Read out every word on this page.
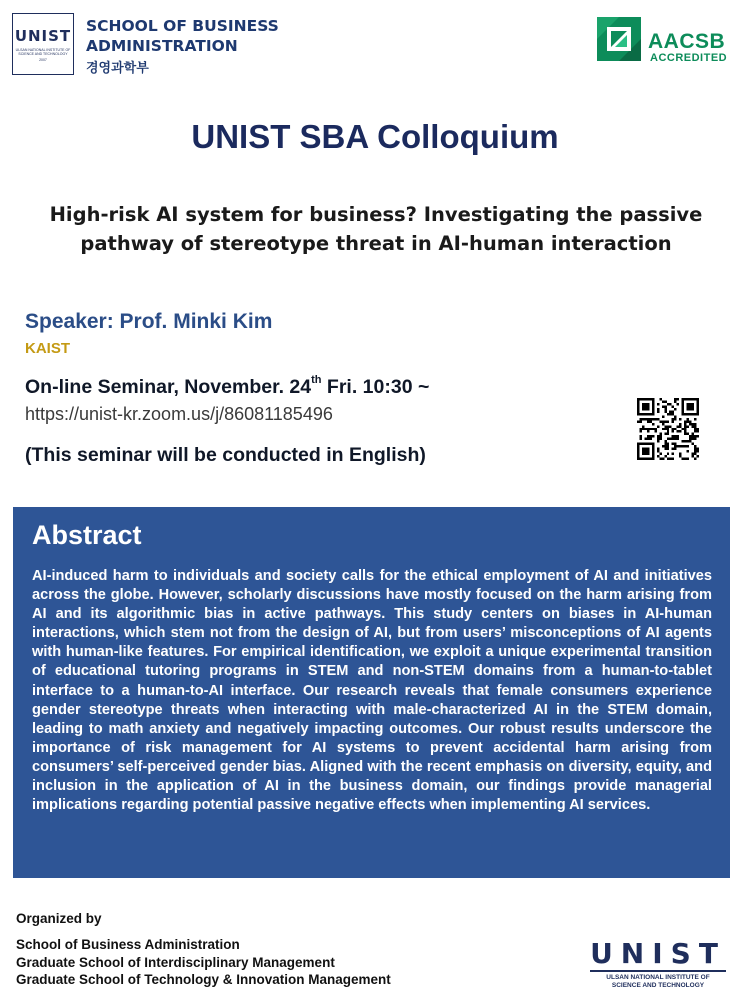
UNIST
ULSAN NATIONAL INSTITUTE OF SCIENCE AND TECHNOLOGY
2007
SCHOOL OF BUSINESS
ADMINISTRATION
경영과학부
AACSB
ACCREDITED
UNIST SBA Colloquium
High-risk AI system for business? Investigating the passive pathway of stereotype threat in AI-human interaction
Speaker: Prof. Minki Kim
KAIST
On-line Seminar, November. 24th Fri. 10:30 ~
https://unist-kr.zoom.us/j/86081185496
(This seminar will be conducted in English)
Abstract
AI-induced harm to individuals and society calls for the ethical employment of AI and initiatives across the globe. However, scholarly discussions have mostly focused on the harm arising from AI and its algorithmic bias in active pathways. This study centers on biases in AI-human interactions, which stem not from the design of AI, but from users’ misconceptions of AI agents with human-like features. For empirical identification, we exploit a unique experimental transition of educational tutoring programs in STEM and non-STEM domains from a human-to-tablet interface to a human-to-AI interface. Our research reveals that female consumers experience gender stereotype threats when interacting with male-characterized AI in the STEM domain, leading to math anxiety and negatively impacting outcomes. Our robust results underscore the importance of risk management for AI systems to prevent accidental harm arising from consumers’ self-perceived gender bias. Aligned with the recent emphasis on diversity, equity, and inclusion in the application of AI in the business domain, our findings provide managerial implications regarding potential passive negative effects when implementing AI services.
Organized by
School of Business Administration
Graduate School of Interdisciplinary Management
Graduate School of Technology & Innovation Management
UNIST
ULSAN NATIONAL INSTITUTE OF
SCIENCE AND TECHNOLOGY
